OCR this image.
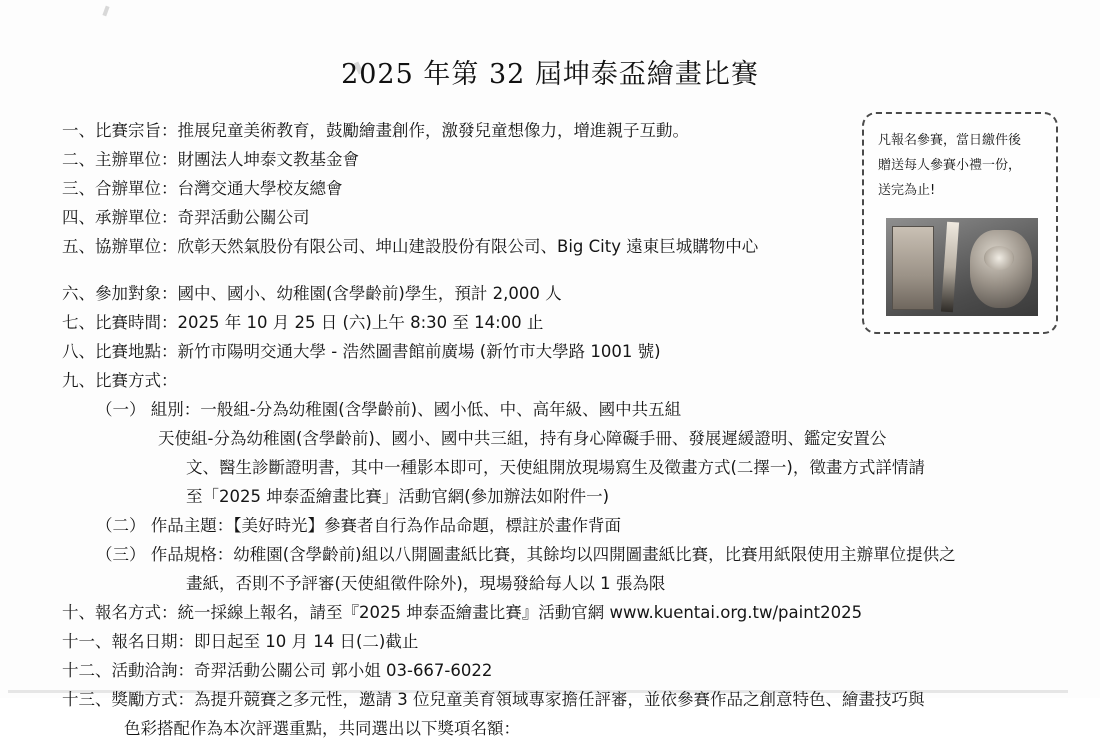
2025 年第 32 屆坤泰盃繪畫比賽
一、比賽宗旨：推展兒童美術教育，鼓勵繪畫創作，激發兒童想像力，增進親子互動。
二、主辦單位：財團法人坤泰文教基金會
三、合辦單位：台灣交通大學校友總會
四、承辦單位：奇羿活動公關公司
五、協辦單位：欣彰天然氣股份有限公司、坤山建設股份有限公司、Big City 遠東巨城購物中心
六、參加對象：國中、國小、幼稚園(含學齡前)學生，預計 2,000 人
七、比賽時間：2025 年 10 月 25 日 (六)上午 8:30 至 14:00 止
八、比賽地點：新竹市陽明交通大學 - 浩然圖書館前廣場 (新竹市大學路 1001 號)
九、比賽方式：
（一） 組別：一般組-分為幼稚園(含學齡前)、國小低、中、高年級、國中共五組
天使組-分為幼稚園(含學齡前)、國小、國中共三組，持有身心障礙手冊、發展遲緩證明、鑑定安置公
文、醫生診斷證明書，其中一種影本即可，天使組開放現場寫生及徵畫方式(二擇一)，徵畫方式詳情請
至「2025 坤泰盃繪畫比賽」活動官網(參加辦法如附件一)
（二） 作品主題：【美好時光】參賽者自行為作品命題，標註於畫作背面
（三） 作品規格：幼稚園(含學齡前)組以八開圖畫紙比賽，其餘均以四開圖畫紙比賽，比賽用紙限使用主辦單位提供之
畫紙，否則不予評審(天使組徵件除外)，現場發給每人以 1 張為限
十、報名方式：統一採線上報名，請至『2025 坤泰盃繪畫比賽』活動官網 www.kuentai.org.tw/paint2025
十一、報名日期：即日起至 10 月 14 日(二)截止
十二、活動洽詢：奇羿活動公關公司 郭小姐 03-667-6022
十三、獎勵方式：為提升競賽之多元性，邀請 3 位兒童美育領域專家擔任評審，並依參賽作品之創意特色、繪畫技巧與
色彩搭配作為本次評選重點，共同選出以下獎項名額：
凡報名參賽，當日繳件後
贈送每人參賽小禮一份，
送完為止!
